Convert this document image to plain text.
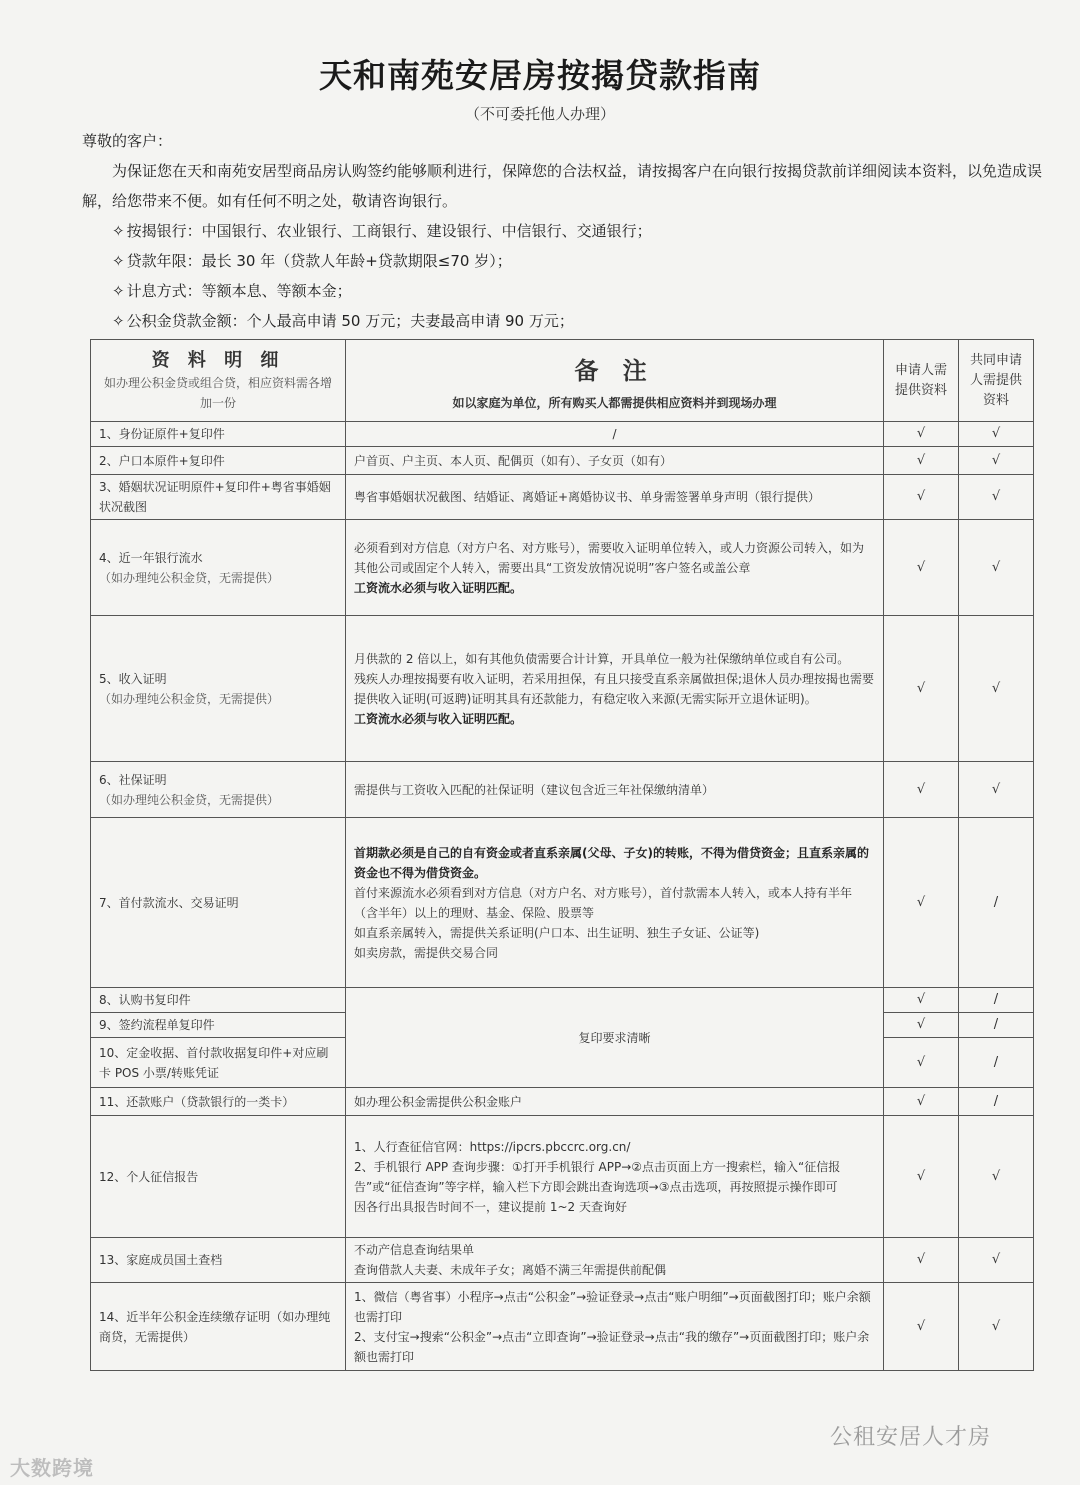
天和南苑安居房按揭贷款指南
（不可委托他人办理）

尊敬的客户：

为保证您在天和南苑安居型商品房认购签约能够顺利进行，保障您的合法权益，请按揭客户在向银行按揭贷款前详细阅读本资料，以免造成误解，给您带来不便。如有任何不明之处，敬请咨询银行。

✧ 按揭银行：中国银行、农业银行、工商银行、建设银行、中信银行、交通银行；

✧ 贷款年限：最长 30 年（贷款人年龄+贷款期限≤70 岁）；

✧ 计息方式：等额本息、等额本金；

✧ 公积金贷款金额：个人最高申请 50 万元；夫妻最高申请 90 万元；

资 料 明 细
如办理公积金贷或组合贷，相应资料需各增加一份	备 注
如以家庭为单位，所有购买人都需提供相应资料并到现场办理	申请人需提供资料	共同申请人需提供资料
1、身份证原件+复印件	/	√	√
2、户口本原件+复印件	户首页、户主页、本人页、配偶页（如有）、子女页（如有）	√	√
3、婚姻状况证明原件+复印件+粤省事婚姻状况截图	粤省事婚姻状况截图、结婚证、离婚证+离婚协议书、单身需签署单身声明（银行提供）	√	√
4、近一年银行流水
（如办理纯公积金贷，无需提供）	必须看到对方信息（对方户名、对方账号），需要收入证明单位转入，或人力资源公司转入，如为其他公司或固定个人转入，需要出具“工资发放情况说明”客户签名或盖公章
工资流水必须与收入证明匹配。	√	√
5、收入证明
（如办理纯公积金贷，无需提供）	月供款的 2 倍以上，如有其他负债需要合计计算，开具单位一般为社保缴纳单位或自有公司。
残疾人办理按揭要有收入证明，若采用担保，有且只接受直系亲属做担保;退休人员办理按揭也需要提供收入证明(可返聘)证明其具有还款能力，有稳定收入来源(无需实际开立退休证明)。
工资流水必须与收入证明匹配。	√	√
6、社保证明
（如办理纯公积金贷，无需提供）	需提供与工资收入匹配的社保证明（建议包含近三年社保缴纳清单）	√	√
7、首付款流水、交易证明	首期款必须是自己的自有资金或者直系亲属(父母、子女)的转账，不得为借贷资金；且直系亲属的资金也不得为借贷资金。
首付来源流水必须看到对方信息（对方户名、对方账号），首付款需本人转入，或本人持有半年（含半年）以上的理财、基金、保险、股票等
如直系亲属转入，需提供关系证明(户口本、出生证明、独生子女证、公证等)
如卖房款，需提供交易合同	√	/
8、认购书复印件	复印要求清晰	√	/
9、签约流程单复印件		√	/
10、定金收据、首付款收据复印件+对应刷卡 POS 小票/转账凭证		√	/
11、还款账户（贷款银行的一类卡）	如办理公积金需提供公积金账户	√	/
12、个人征信报告	1、人行查征信官网：https://ipcrs.pbccrc.org.cn/
2、手机银行 APP 查询步骤：①打开手机银行 APP→②点击页面上方一搜索栏，输入“征信报告”或“征信查询”等字样，输入栏下方即会跳出查询选项→③点击选项，再按照提示操作即可
因各行出具报告时间不一，建议提前 1~2 天查询好	√	√
13、家庭成员国土查档	不动产信息查询结果单
查询借款人夫妻、未成年子女；离婚不满三年需提供前配偶	√	√
14、近半年公积金连续缴存证明（如办理纯商贷，无需提供）	1、微信（粤省事）小程序→点击“公积金”→验证登录→点击“账户明细”→页面截图打印；账户余额也需打印
2、支付宝→搜索“公积金”→点击“立即查询”→验证登录→点击“我的缴存”→页面截图打印；账户余额也需打印	√	√
大数跨境
公租安居人才房
